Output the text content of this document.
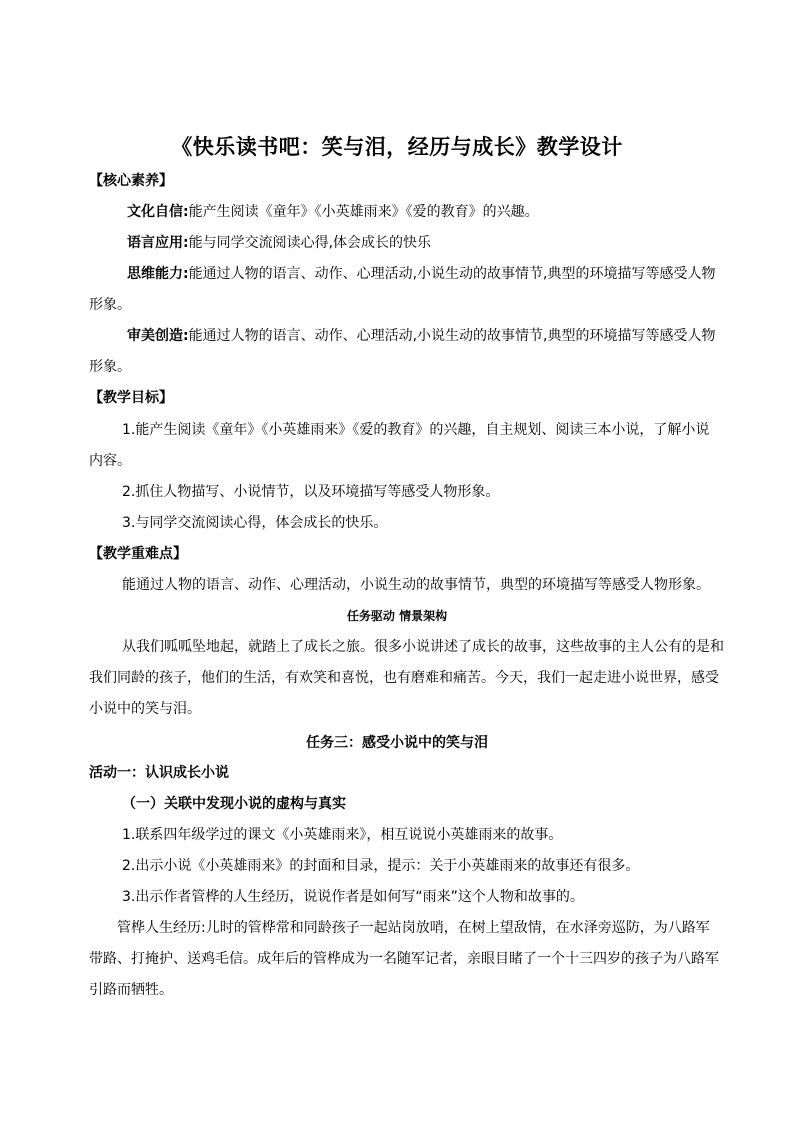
《快乐读书吧：笑与泪，经历与成长》教学设计
【核心素养】
文化自信:能产生阅读《童年》《小英雄雨来》《爱的教育》的兴趣。
语言应用:能与同学交流阅读心得,体会成长的快乐
思维能力:能通过人物的语言、动作、心理活动,小说生动的故事情节,典型的环境描写等感受人物
形象。
审美创造:能通过人物的语言、动作、心理活动,小说生动的故事情节,典型的环境描写等感受人物
形象。
【教学目标】
1.能产生阅读《童年》《小英雄雨来》《爱的教育》的兴趣，自主规划、阅读三本小说，了解小说
内容。
2.抓住人物描写、小说情节，以及环境描写等感受人物形象。
3.与同学交流阅读心得，体会成长的快乐。
【教学重难点】
能通过人物的语言、动作、心理活动，小说生动的故事情节，典型的环境描写等感受人物形象。
任务驱动 情景架构
从我们呱呱坠地起，就踏上了成长之旅。很多小说讲述了成长的故事，这些故事的主人公有的是和
我们同龄的孩子，他们的生活，有欢笑和喜悦，也有磨难和痛苦。今天，我们一起走进小说世界，感受
小说中的笑与泪。
任务三：感受小说中的笑与泪
活动一：认识成长小说
（一）关联中发现小说的虚构与真实
1.联系四年级学过的课文《小英雄雨来》，相互说说小英雄雨来的故事。
2.出示小说《小英雄雨来》的封面和目录，提示：关于小英雄雨来的故事还有很多。
3.出示作者管桦的人生经历，说说作者是如何写“雨来”这个人物和故事的。
管桦人生经历:儿时的管桦常和同龄孩子一起站岗放哨，在树上望敌情，在水泽旁巡防，为八路军
带路、打掩护、送鸡毛信。成年后的管桦成为一名随军记者，亲眼目睹了一个十三四岁的孩子为八路军
引路而牺牲。
